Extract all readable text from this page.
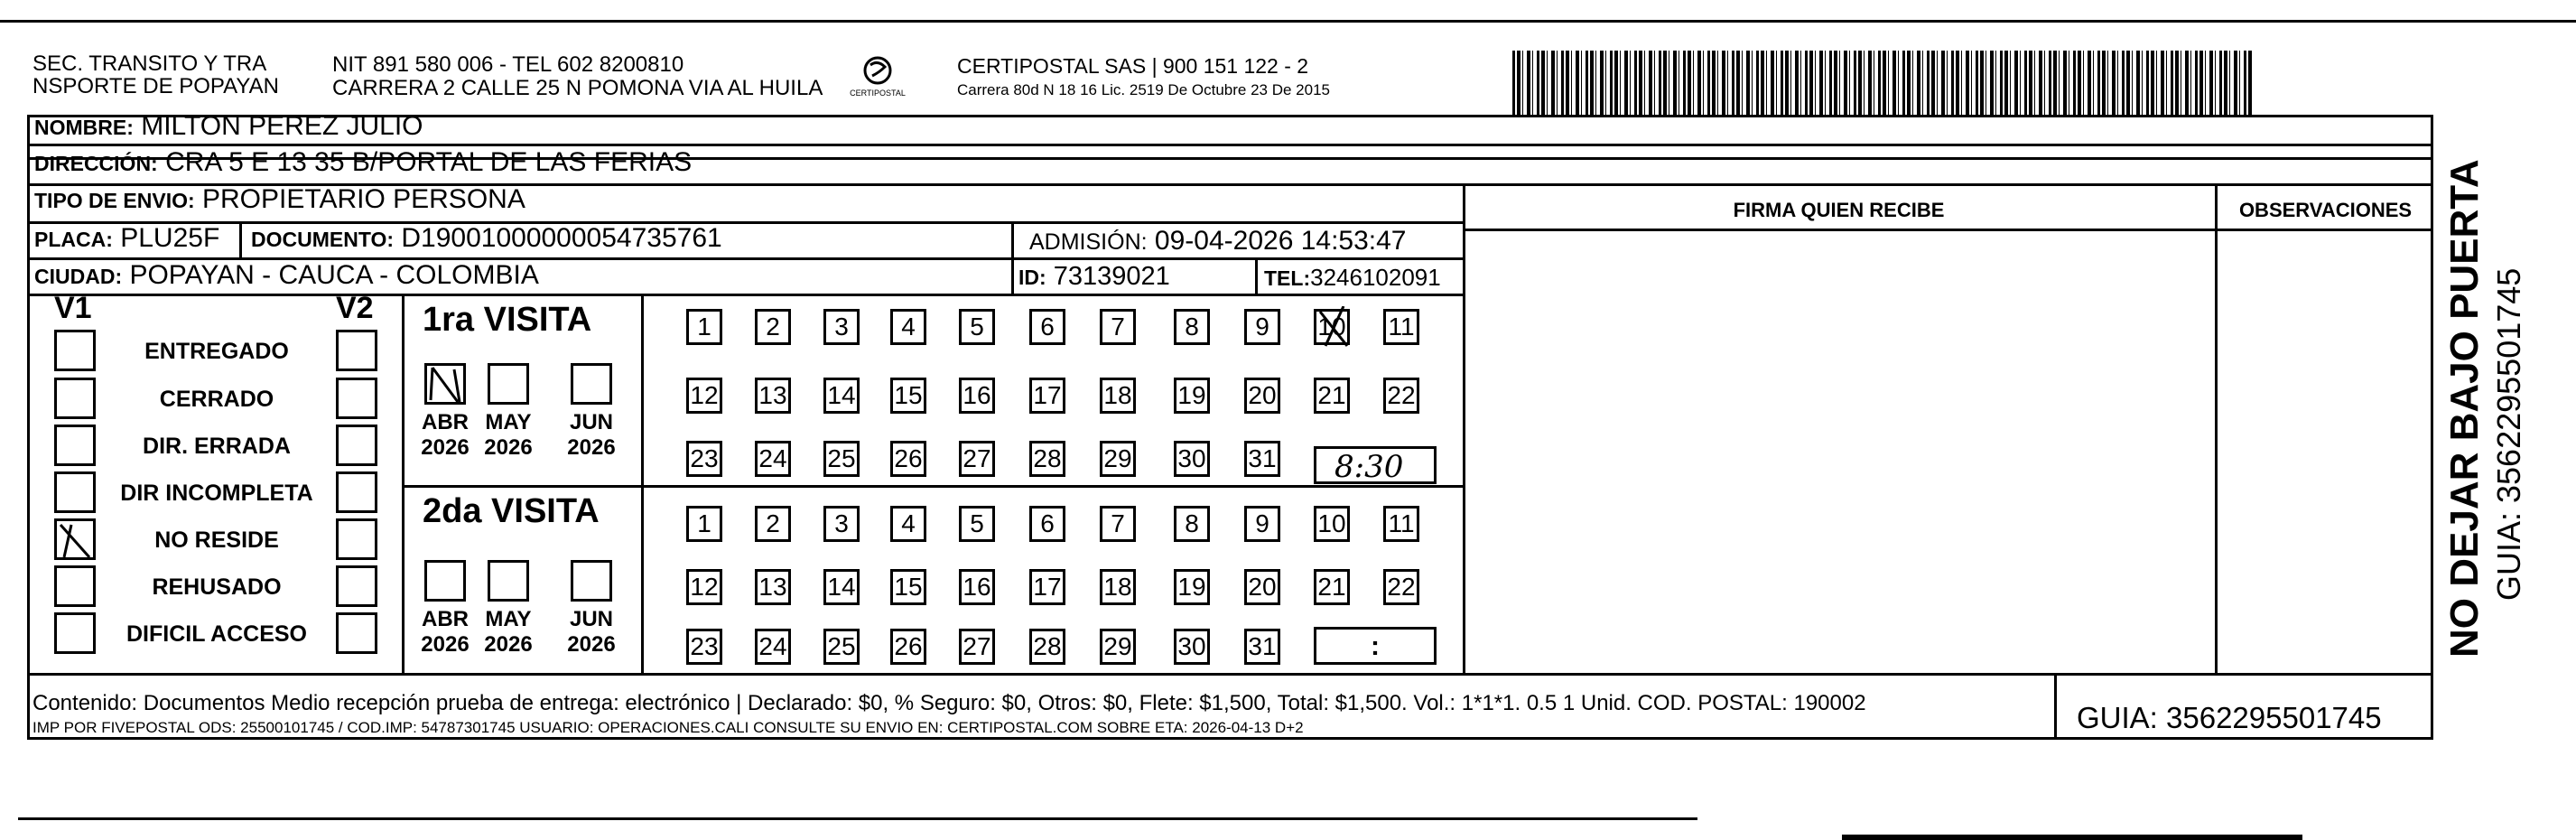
SEC. TRANSITO Y TRA
NSPORTE DE POPAYAN
NIT 891 580 006 - TEL 602 8200810
CARRERA 2 CALLE 25 N POMONA VIA AL HUILA	CERTIPOSTAL
CERTIPOSTAL SAS | 900 151 122 - 2
Carrera 80d N 18 16 Lic. 2519 De Octubre 23 De 2015
NOMBRE: MILTON PEREZ JULIO
DIRECCIÓN: CRA 5 E 13 35 B/PORTAL DE LAS FERIAS
TIPO DE ENVIO: PROPIETARIO PERSONA
PLACA: PLU25F DOCUMENTO: D19001000000054735761	ADMISIÓN: 09-04-2026 14:53:47
CIUDAD: POPAYAN - CAUCA - COLOMBIA	ID: 73139021	TEL:3246102091
FIRMA QUIEN RECIBE	OBSERVACIONES
V1	V2
ENTREGADO
CERRADO
DIR. ERRADA
DIR INCOMPLETA
NO RESIDE
REHUSADO
DIFICIL ACCESO
1ra VISITA
ABR
2026
MAY
2026
JUN
2026
1 2 3 4 5 6 7 8 9 10 11
12 13 14 15 16 17 18 19 20 21 22
23 24 25 26 27 28 29 30 31 8:30
2da VISITA
ABR
2026
MAY
2026
JUN
2026
1 2 3 4 5 6 7 8 9 10 11
12 13 14 15 16 17 18 19 20 21 22
23 24 25 26 27 28 29 30 31	:
Contenido: Documentos Medio recepción prueba de entrega: electrónico | Declarado: $0, % Seguro: $0, Otros: $0, Flete: $1,500, Total: $1,500. Vol.: 1*1*1. 0.5 1 Unid. COD. POSTAL: 190002
IMP POR FIVEPOSTAL ODS: 25500101745 / COD.IMP: 54787301745 USUARIO: OPERACIONES.CALI CONSULTE SU ENVIO EN: CERTIPOSTAL.COM SOBRE ETA: 2026-04-13 D+2	GUIA: 3562295501745
NO DEJAR BAJO PUERTA GUIA: 3562295501745
